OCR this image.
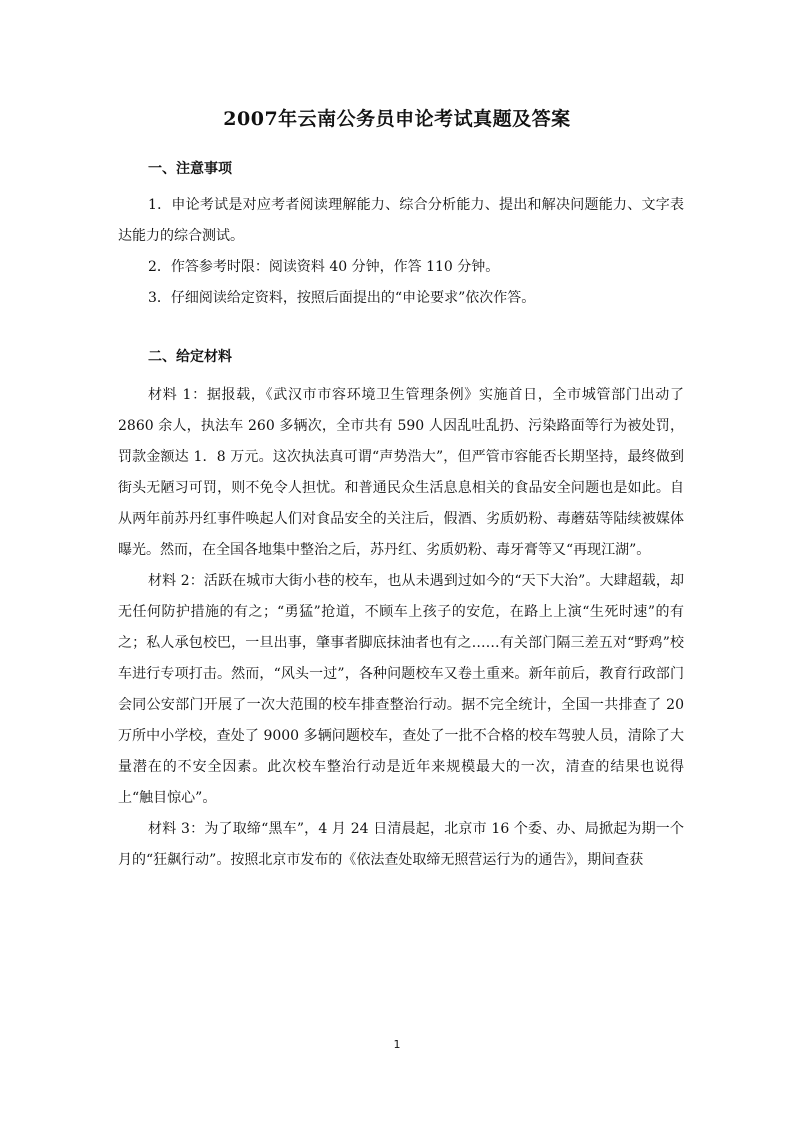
2007年云南公务员申论考试真题及答案
一、注意事项

1．申论考试是对应考者阅读理解能力、综合分析能力、提出和解决问题能力、文字表达能力的综合测试。

2．作答参考时限：阅读资料 40 分钟，作答 110 分钟。

3．仔细阅读给定资料，按照后面提出的“申论要求”依次作答。

二、给定材料

材料 1：据报载，《武汉市市容环境卫生管理条例》实施首日，全市城管部门出动了 2860 余人，执法车 260 多辆次，全市共有 590 人因乱吐乱扔、污染路面等行为被处罚，罚款金额达 1．8 万元。这次执法真可谓“声势浩大”，但严管市容能否长期坚持，最终做到街头无陋习可罚，则不免令人担忧。和普通民众生活息息相关的食品安全问题也是如此。自从两年前苏丹红事件唤起人们对食品安全的关注后，假酒、劣质奶粉、毒蘑菇等陆续被媒体曝光。然而，在全国各地集中整治之后，苏丹红、劣质奶粉、毒牙膏等又“再现江湖”。

材料 2：活跃在城市大街小巷的校车，也从未遇到过如今的“天下大治”。大肆超载，却无任何防护措施的有之；“勇猛”抢道，不顾车上孩子的安危，在路上上演“生死时速”的有之；私人承包校巴，一旦出事，肇事者脚底抹油者也有之……有关部门隔三差五对“野鸡”校车进行专项打击。然而，“风头一过”，各种问题校车又卷土重来。新年前后，教育行政部门会同公安部门开展了一次大范围的校车排查整治行动。据不完全统计，全国一共排查了 20 万所中小学校，查处了 9000 多辆问题校车，查处了一批不合格的校车驾驶人员，清除了大量潜在的不安全因素。此次校车整治行动是近年来规模最大的一次，清查的结果也说得上“触目惊心”。

材料 3：为了取缔“黑车”，4 月 24 日清晨起，北京市 16 个委、办、局掀起为期一个月的“狂飙行动”。按照北京市发布的《依法查处取缔无照营运行为的通告》，期间查获

1
